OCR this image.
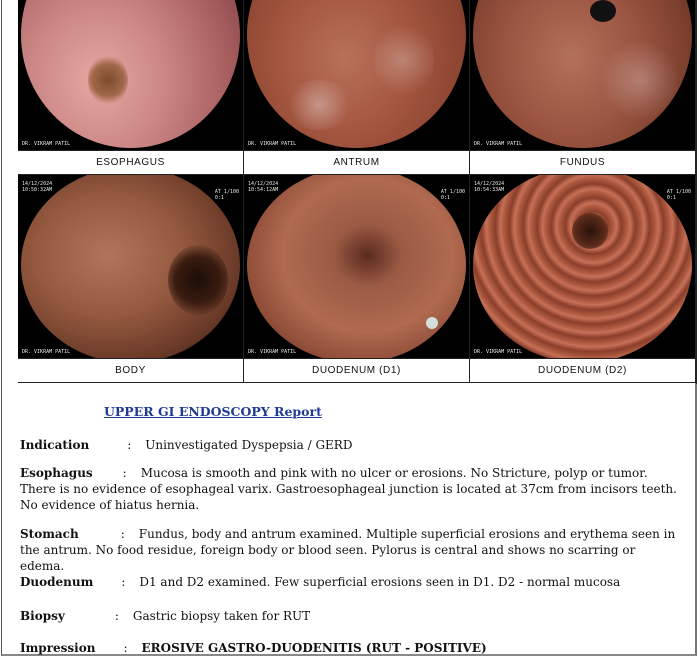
DR. VIKRAM PATIL
ESOPHAGUS
DR. VIKRAM PATIL
ANTRUM
DR. VIKRAM PATIL
FUNDUS
14/12/2024
10:50:32AM	AT 1/100
0:1
DR. VIKRAM PATIL
BODY
14/12/2024
10:54:12AM	AT 1/100
0:1
DR. VIKRAM PATIL
DUODENUM (D1)
14/12/2024
10:54:33AM	AT 1/100
0:1
DR. VIKRAM PATIL
DUODENUM (D2)
UPPER GI ENDOSCOPY Report
Indication	: Uninvestigated Dyspepsia / GERD
Esophagus	: Mucosa is smooth and pink with no ulcer or erosions. No Stricture, polyp or tumor. There is no evidence of esophageal varix. Gastroesophageal junction is located at 37cm from incisors teeth. No evidence of hiatus hernia.
Stomach	: Fundus, body and antrum examined. Multiple superficial erosions and erythema seen in the antrum. No food residue, foreign body or blood seen. Pylorus is central and shows no scarring or edema.
Duodenum : D1 and D2 examined. Few superficial erosions seen in D1. D2 - normal mucosa
Biopsy	: Gastric biopsy taken for RUT
Impression : EROSIVE GASTRO-DUODENITIS (RUT - POSITIVE)
